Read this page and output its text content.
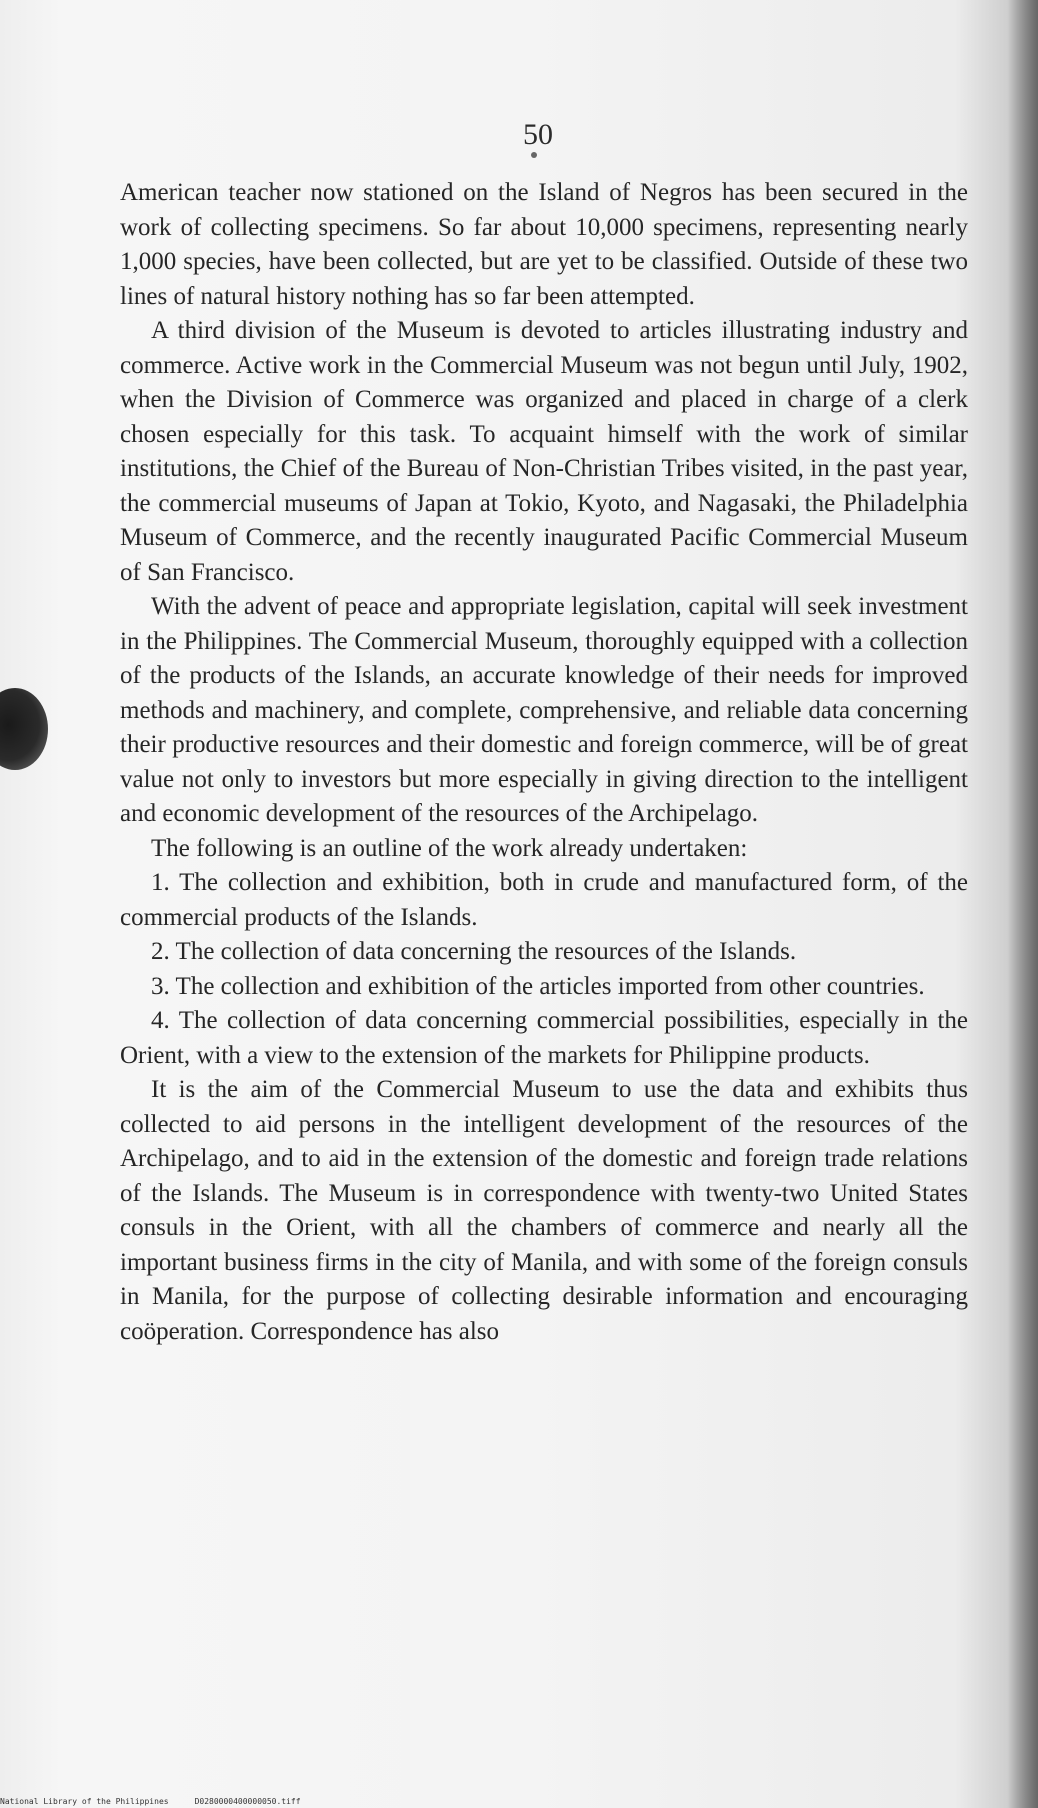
50

American teacher now stationed on the Island of Negros has been secured in the work of collecting specimens. So far about 10,000 specimens, representing nearly 1,000 species, have been collected, but are yet to be classified. Outside of these two lines of natural history nothing has so far been attempted.

A third division of the Museum is devoted to articles illustrating industry and commerce. Active work in the Commercial Museum was not begun until July, 1902, when the Division of Commerce was organized and placed in charge of a clerk chosen especially for this task. To acquaint himself with the work of similar institutions, the Chief of the Bureau of Non-Christian Tribes visited, in the past year, the commercial museums of Japan at Tokio, Kyoto, and Nagasaki, the Philadelphia Museum of Commerce, and the recently inaugurated Pacific Commercial Museum of San Francisco.

With the advent of peace and appropriate legislation, capital will seek investment in the Philippines. The Commercial Museum, thoroughly equipped with a collection of the products of the Islands, an accurate knowledge of their needs for improved methods and machinery, and complete, comprehensive, and reliable data concerning their productive resources and their domestic and foreign commerce, will be of great value not only to investors but more especially in giving direction to the intelligent and economic development of the resources of the Archipelago.

The following is an outline of the work already undertaken:

1. The collection and exhibition, both in crude and manufactured form, of the commercial products of the Islands.

2. The collection of data concerning the resources of the Islands.

3. The collection and exhibition of the articles imported from other countries.

4. The collection of data concerning commercial possibilities, especially in the Orient, with a view to the extension of the markets for Philippine products.

It is the aim of the Commercial Museum to use the data and exhibits thus collected to aid persons in the intelligent development of the resources of the Archipelago, and to aid in the extension of the domestic and foreign trade relations of the Islands. The Museum is in correspondence with twenty-two United States consuls in the Orient, with all the chambers of commerce and nearly all the important business firms in the city of Manila, and with some of the foreign consuls in Manila, for the purpose of collecting desirable information and encouraging coöperation. Correspondence has also

National Library of the Philippines	D0280000400000050.tiff
